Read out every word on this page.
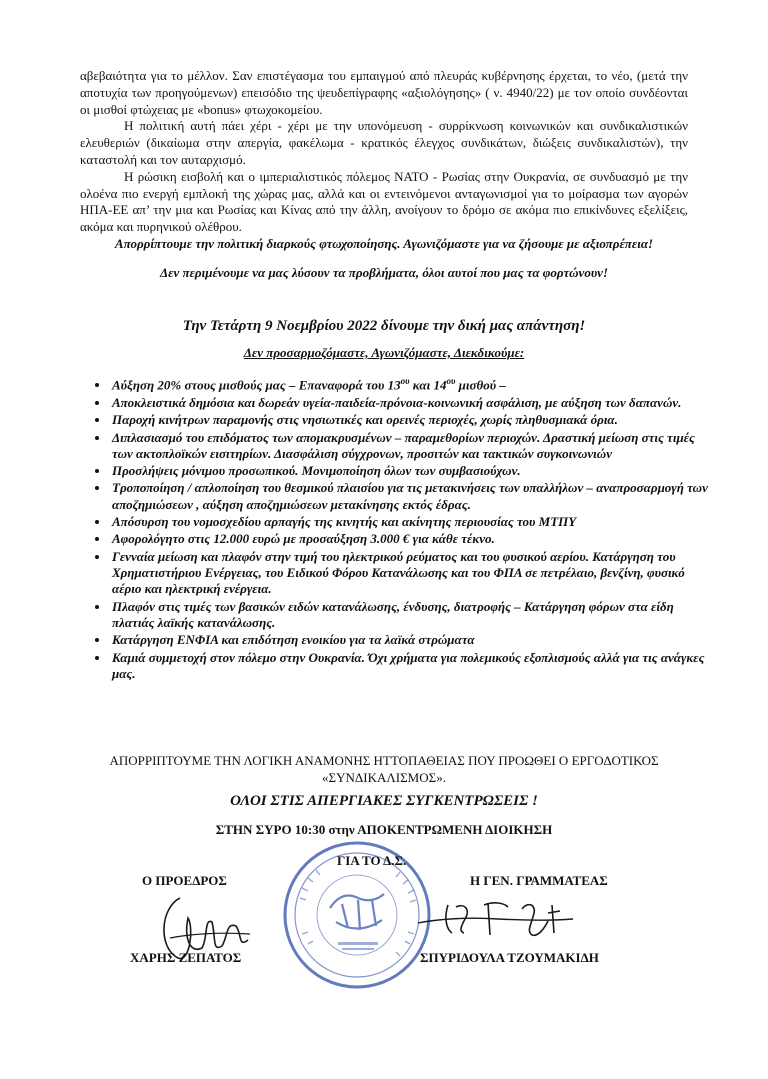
αβεβαιότητα για το μέλλον. Σαν επιστέγασμα του εμπαιγμού από πλευράς κυβέρνησης έρχεται, το νέο, (μετά την αποτυχία των προηγούμενων) επεισόδιο της ψευδεπίγραφης «αξιολόγησης» ( ν. 4940/22) με τον οποίο συνδέονται οι μισθοί φτώχειας με «bonus» φτωχοκομείου.

Η πολιτική αυτή πάει χέρι - χέρι με την υπονόμευση - συρρίκνωση κοινωνικών και συνδικαλιστικών ελευθεριών (δικαίωμα στην απεργία, φακέλωμα - κρατικός έλεγχος συνδικάτων, διώξεις συνδικαλιστών), την καταστολή και τον αυταρχισμό.

Η ρώσικη εισβολή και ο ιμπεριαλιστικός πόλεμος ΝΑΤΟ - Ρωσίας στην Ουκρανία, σε συνδυασμό με την ολοένα πιο ενεργή εμπλοκή της χώρας μας, αλλά και οι εντεινόμενοι ανταγωνισμοί για το μοίρασμα των αγορών ΗΠΑ-ΕΕ απ’ την μια και Ρωσίας και Κίνας από την άλλη, ανοίγουν το δρόμο σε ακόμα πιο επικίνδυνες εξελίξεις, ακόμα και πυρηνικού ολέθρου.

Απορρίπτουμε την πολιτική διαρκούς φτωχοποίησης. Αγωνιζόμαστε για να ζήσουμε με αξιοπρέπεια!

Δεν περιμένουμε να μας λύσουν τα προβλήματα, όλοι αυτοί που μας τα φορτώνουν!

Την Τετάρτη 9 Νοεμβρίου 2022 δίνουμε την δική μας απάντηση!
Δεν προσαρμοζόμαστε, Αγωνιζόμαστε, Διεκδικούμε:
• Αύξηση 20% στους μισθούς μας – Επαναφορά του $13^{o\upsilon}$ και $14^{o\upsilon}$ μισθού –
• Αποκλειστικά δημόσια και δωρεάν υγεία-παιδεία-πρόνοια-κοινωνική ασφάλιση, με αύξηση των δαπανών.
• Παροχή κινήτρων παραμονής στις νησιωτικές και ορεινές περιοχές, χωρίς πληθυσμιακά όρια.
• Διπλασιασμό του επιδόματος των απομακρυσμένων – παραμεθορίων περιοχών. Δραστική μείωση στις τιμές των ακτοπλοϊκών εισιτηρίων. Διασφάλιση σύγχρονων, προσιτών και τακτικών συγκοινωνιών
• Προσλήψεις μόνιμου προσωπικού. Μονιμοποίηση όλων των συμβασιούχων.
• Τροποποίηση / απλοποίηση του θεσμικού πλαισίου για τις μετακινήσεις των υπαλλήλων – αναπροσαρμογή των αποζημιώσεων , αύξηση αποζημιώσεων μετακίνησης εκτός έδρας.
• Απόσυρση του νομοσχεδίου αρπαγής της κινητής και ακίνητης περιουσίας του ΜΤΠΥ
• Αφορολόγητο στις 12.000 ευρώ με προσαύξηση 3.000 € για κάθε τέκνο.
• Γενναία μείωση και πλαφόν στην τιμή του ηλεκτρικού ρεύματος και του φυσικού αερίου. Κατάργηση του Χρηματιστήριου Ενέργειας, του Ειδικού Φόρου Κατανάλωσης και του ΦΠΑ σε πετρέλαιο, βενζίνη, φυσικό αέριο και ηλεκτρική ενέργεια.
• Πλαφόν στις τιμές των βασικών ειδών κατανάλωσης, ένδυσης, διατροφής – Κατάργηση φόρων στα είδη πλατιάς λαϊκής κατανάλωσης.
• Κατάργηση ΕΝΦΙΑ και επιδότηση ενοικίου για τα λαϊκά στρώματα
• Καμιά συμμετοχή στον πόλεμο στην Ουκρανία. Όχι χρήματα για πολεμικούς εξοπλισμούς αλλά για τις ανάγκες μας.
ΑΠΟΡΡΙΠΤΟΥΜΕ ΤΗΝ ΛΟΓΙΚΗ ΑΝΑΜΟΝΗΣ ΗΤΤΟΠΑΘΕΙΑΣ ΠΟΥ ΠΡΟΩΘΕΙ Ο ΕΡΓΟΔΟΤΙΚΟΣ «ΣΥΝΔΙΚΑΛΙΣΜΟΣ».
ΟΛΟΙ ΣΤΙΣ ΑΠΕΡΓΙΑΚΕΣ ΣΥΓΚΕΝΤΡΩΣΕΙΣ !
ΣΤΗΝ ΣΥΡΟ 10:30 στην ΑΠΟΚΕΝΤΡΩΜΕΝΗ ΔΙΟΙΚΗΣΗ
ΓΙΑ ΤΟ Δ.Σ.
Ο ΠΡΟΕΔΡΟΣ	Η ΓΕΝ. ΓΡΑΜΜΑΤΕΑΣ
ΧΑΡΗΣ ΖΕΠΑΤΟΣ	ΣΠΥΡΙΔΟΥΛΑ ΤΖΟΥΜΑΚΙΔΗ
